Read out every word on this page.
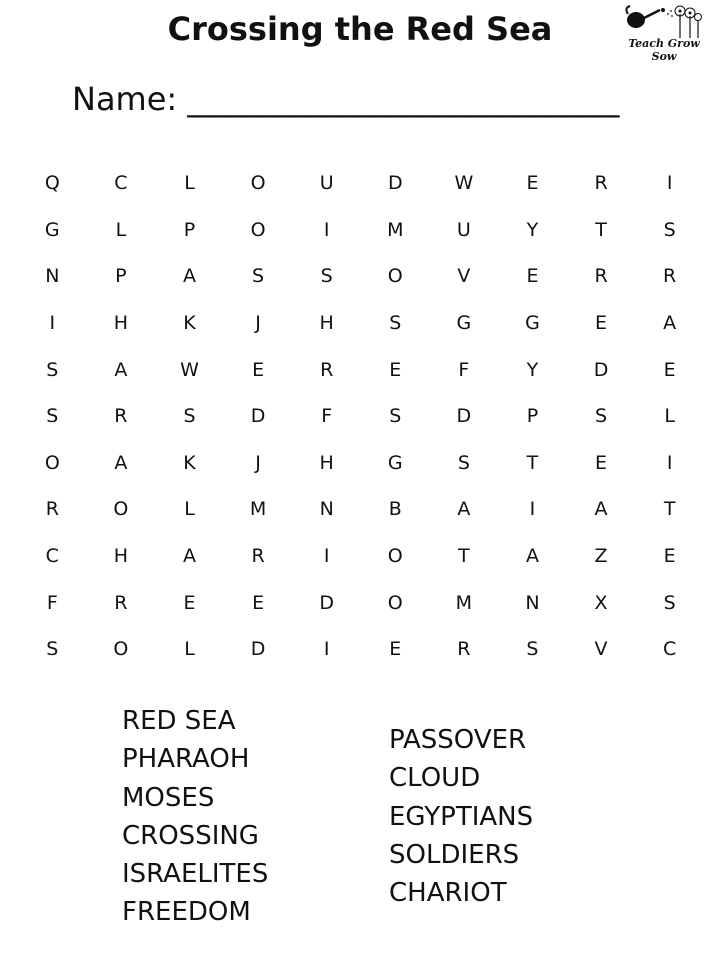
Crossing the Red Sea	Teach Grow Sow
Name: ___________________________
Q	C	L	O	U	D	W	E	R	I
G	L	P	O	I	M	U	Y	T	S
N	P	A	S	S	O	V	E	R	R
I	H	K	J	H	S	G	G	E	A
S	A	W	E	R	E	F	Y	D	E
S	R	S	D	F	S	D	P	S	L
O	A	K	J	H	G	S	T	E	I
R	O	L	M	N	B	A	I	A	T
C	H	A	R	I	O	T	A	Z	E
F	R	E	E	D	O	M	N	X	S
S	O	L	D	I	E	R	S	V	C
RED SEA
PHARAOH
MOSES
CROSSING
ISRAELITES
FREEDOM
PASSOVER
CLOUD
EGYPTIANS
SOLDIERS
CHARIOT
